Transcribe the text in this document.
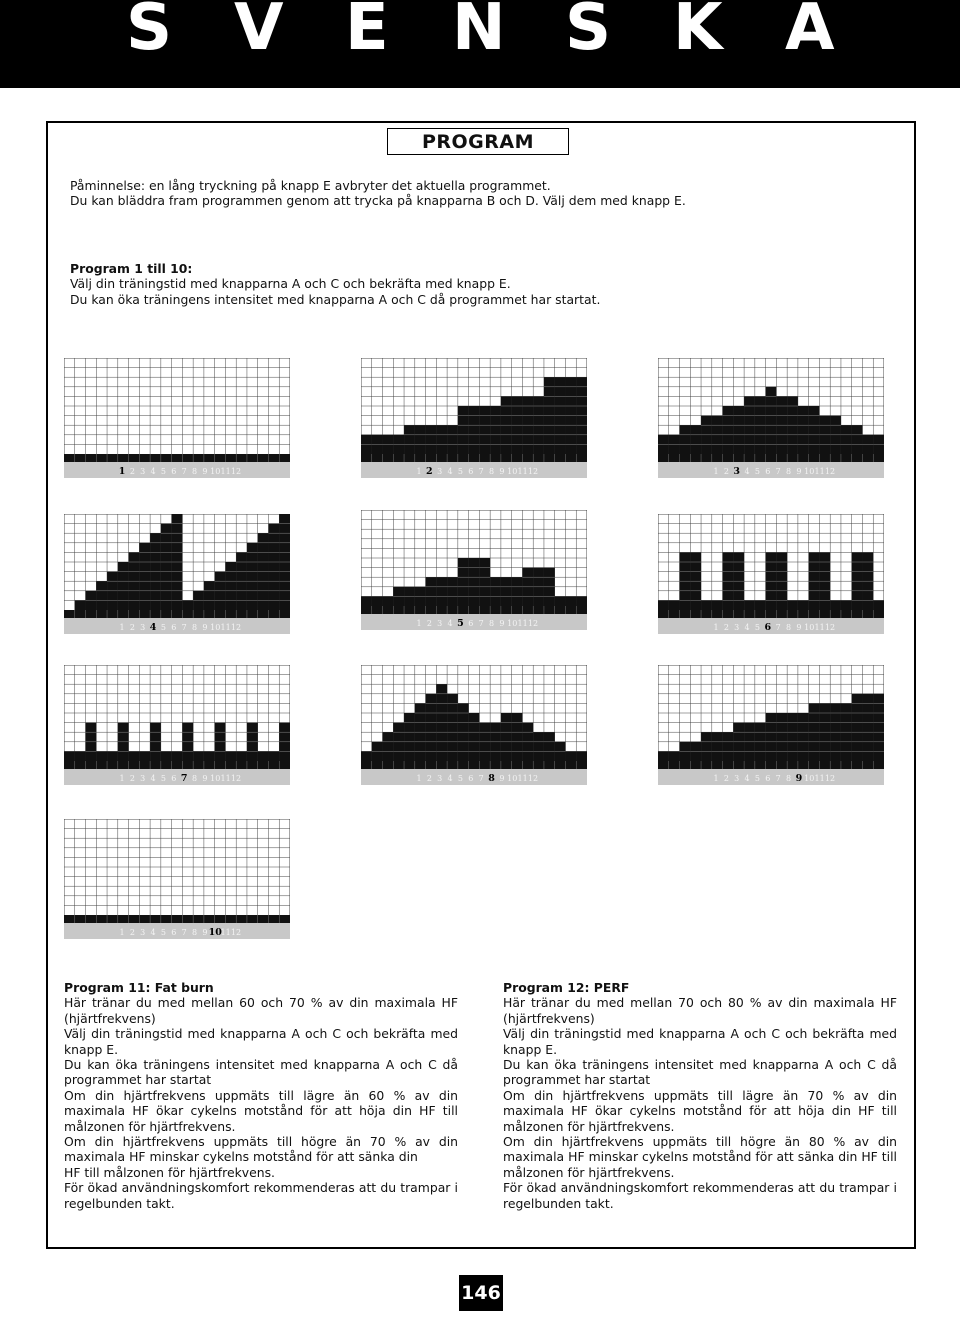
S V E N S K A
PROGRAM
Påminnelse: en lång tryckning på knapp E avbryter det aktuella programmet.
Du kan bläddra fram programmen genom att trycka på knapparna B och D. Välj dem med knapp E.
Program 1 till 10:
Välj din träningstid med knapparna A och C och bekräfta med knapp E.
Du kan öka träningens intensitet med knapparna A och C då programmet har startat.
1 2 3 4 5 6 7 8 9 10 11 12	1 2 3 4 5 6 7 8 9 10 11 12	1 2 3 4 5 6 7 8 9 10 11 12
1 2 3 4 5 6 7 8 9 10 11 12	1 2 3 4 5 6 7 8 9 10 11 12	1 2 3 4 5 6 7 8 9 10 11 12
1 2 3 4 5 6 7 8 9 10 11 12	1 2 3 4 5 6 7 8 9 10 11 12	1 2 3 4 5 6 7 8 9 10 11 12
1 2 3 4 5 6 7 8 9 10
11 12
Program 11: Fat burn
Här tränar du med mellan 60 och 70 % av din maximala HF (hjärtfrekvens)
Välj din träningstid med knapparna A och C och bekräfta med knapp E.
Du kan öka träningens intensitet med knapparna A och C då programmet har startat
Om din hjärtfrekvens uppmäts till lägre än 60 % av din maximala HF ökar cykelns motstånd för att höja din HF till målzonen för hjärtfrekvens.
Om din hjärtfrekvens uppmäts till högre än 70 % av din maximala HF minskar cykelns motstånd för att sänka din
HF till målzonen för hjärtfrekvens.
För ökad användningskomfort rekommenderas att du trampar i regelbunden takt.
Program 12: PERF
Här tränar du med mellan 70 och 80 % av din maximala HF (hjärtfrekvens)
Välj din träningstid med knapparna A och C och bekräfta med knapp E.
Du kan öka träningens intensitet med knapparna A och C då programmet har startat
Om din hjärtfrekvens uppmäts till lägre än 70 % av din maximala HF ökar cykelns motstånd för att höja din HF till målzonen för hjärtfrekvens.
Om din hjärtfrekvens uppmäts till högre än 80 % av din maximala HF minskar cykelns motstånd för att sänka din HF till målzonen för hjärtfrekvens.
För ökad användningskomfort rekommenderas att du trampar i regelbunden takt.
146
